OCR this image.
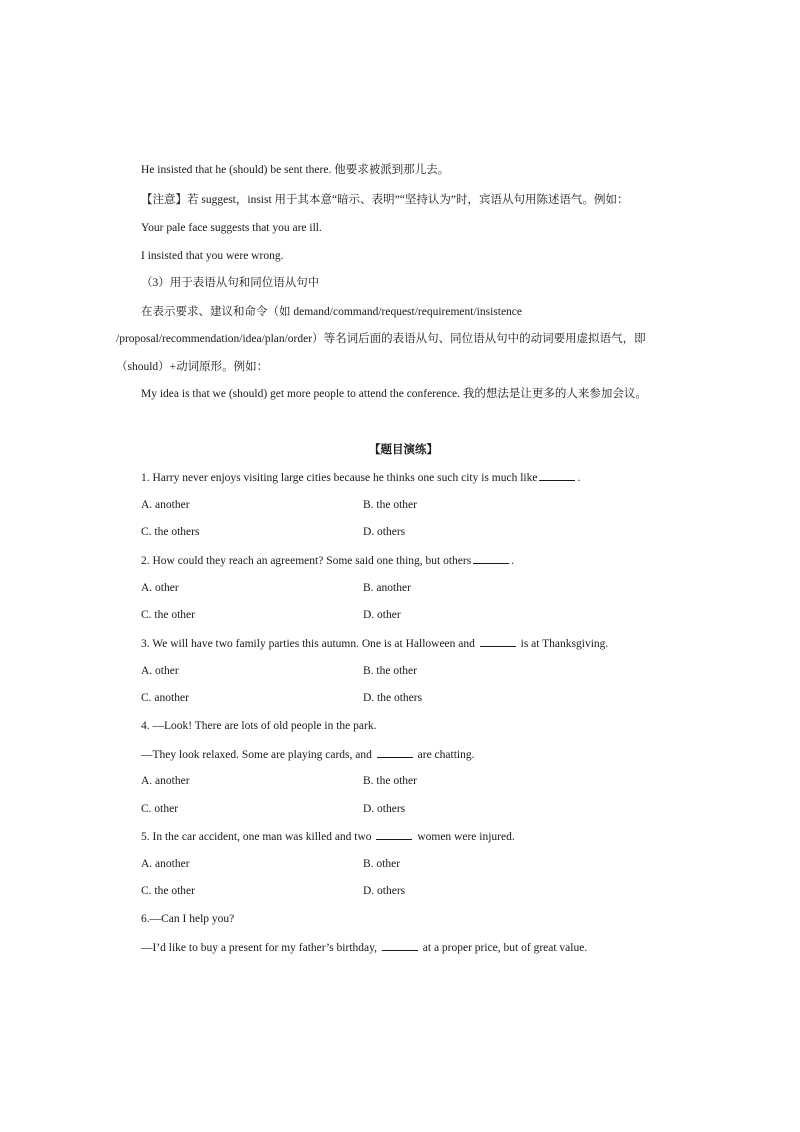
He insisted that he (should) be sent there. 他要求被派到那儿去。
【注意】若 suggest，insist 用于其本意“暗示、表明”“坚持认为”时，宾语从句用陈述语气。例如：
Your pale face suggests that you are ill.
I insisted that you were wrong.
（3）用于表语从句和同位语从句中
在表示要求、建议和命令（如 demand/command/request/requirement/insistence
/proposal/recommendation/idea/plan/order）等名词后面的表语从句、同位语从句中的动词要用虚拟语气，即
（should）+动词原形。例如：
My idea is that we (should) get more people to attend the conference. 我的想法是让更多的人来参加会议。
【题目演练】
1. Harry never enjoys visiting large cities because he thinks one such city is much like	.
A. another	B. the other
C. the others	D. others
2. How could they reach an agreement? Some said one thing, but others	.
A. other	B. another
C. the other	D. other
3. We will have two family parties this autumn. One is at Halloween and	is at Thanksgiving.
A. other	B. the other
C. another	D. the others
4. —Look! There are lots of old people in the park.
—They look relaxed. Some are playing cards, and	are chatting.
A. another	B. the other
C. other	D. others
5. In the car accident, one man was killed and two	women were injured.
A. another	B. other
C. the other	D. others
6.—Can I help you?
—I’d like to buy a present for my father’s birthday,	at a proper price, but of great value.
